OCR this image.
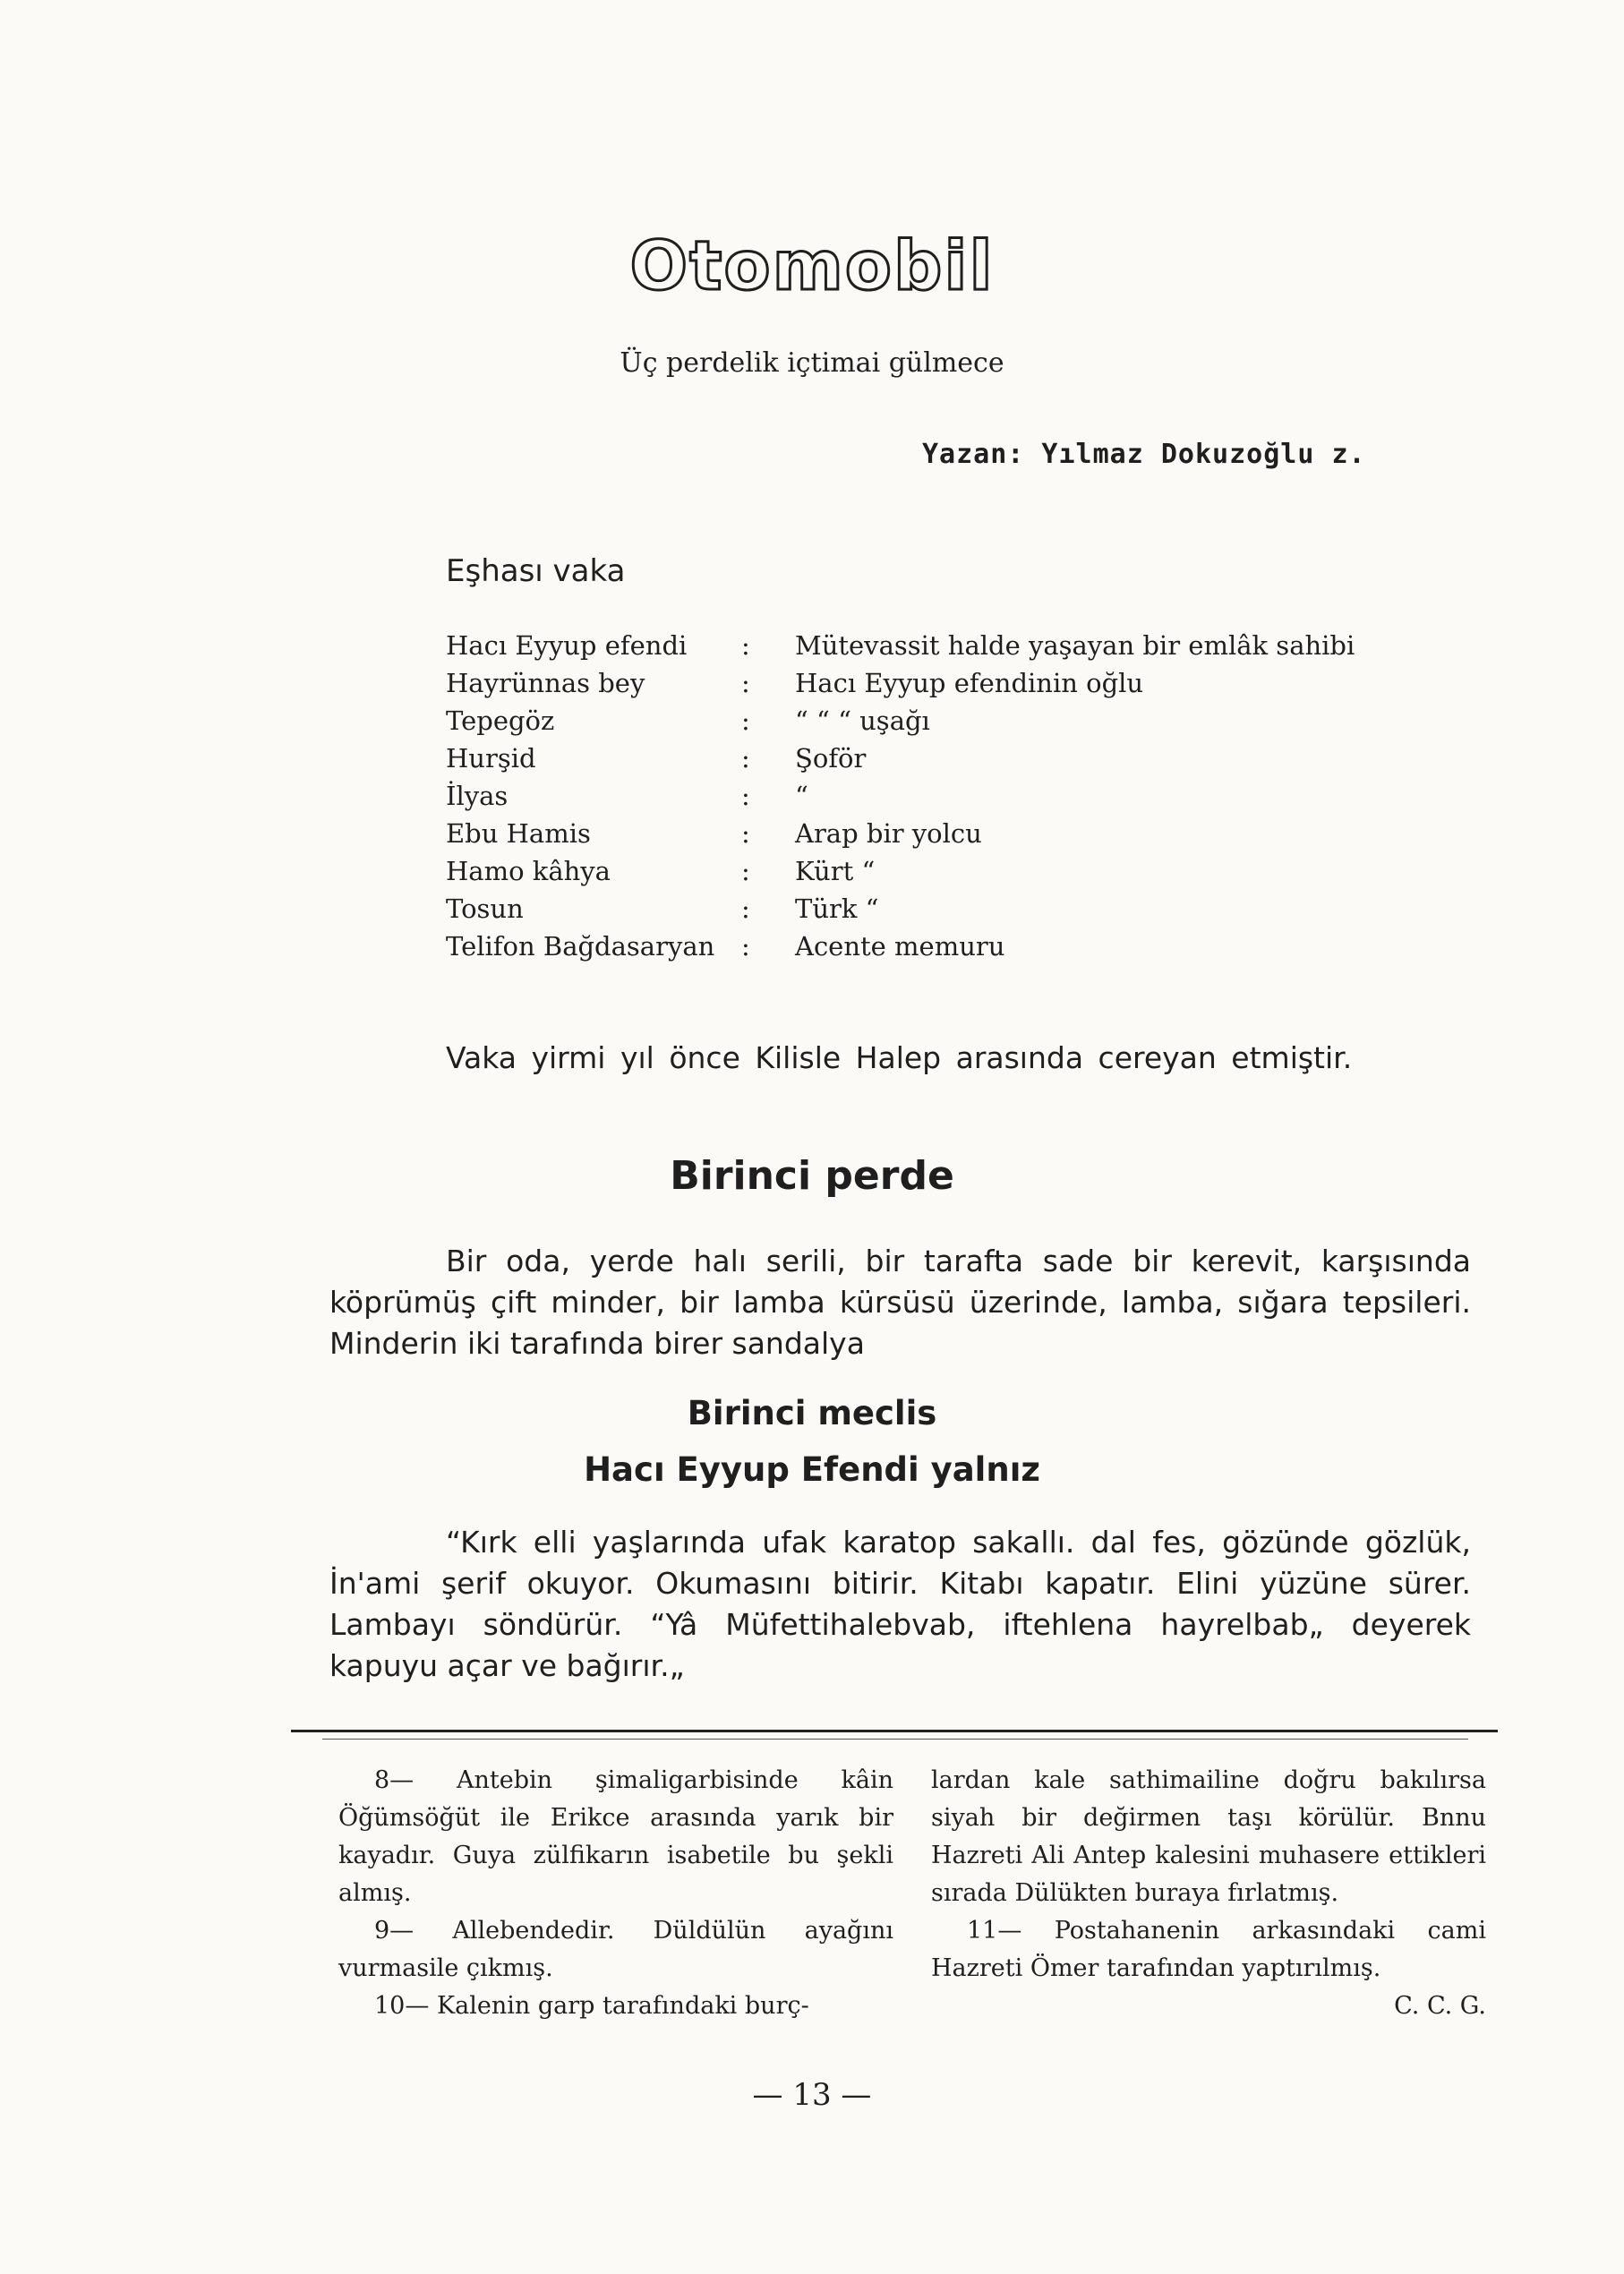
Otomobil
Üç perdelik içtimai gülmece
Yazan: Yılmaz Dokuzoğlu z.
Eşhası vaka
Hacı Eyyup efendi	:	Mütevassit halde yaşayan bir emlâk sahibi
Hayrünnas bey	:	Hacı Eyyup efendinin oğlu
Tepegöz	:	“ “ “ uşağı
Hurşid	:	Şoför
İlyas	:	“
Ebu Hamis	:	Arap bir yolcu
Hamo kâhya	:	Kürt “
Tosun	:	Türk “
Telifon Bağdasaryan	:	Acente memuru
Vaka yirmi yıl önce Kilisle Halep arasında cereyan etmiştir.
Birinci perde
Bir oda, yerde halı serili, bir tarafta sade bir kerevit, karşısında köprümüş çift minder, bir lamba kürsüsü üzerinde, lamba, sığara tepsileri. Minderin iki tarafında birer sandalya
Birinci meclis
Hacı Eyyup Efendi yalnız
“Kırk elli yaşlarında ufak karatop sakallı. dal fes, gözünde gözlük, İn'ami şerif okuyor. Okumasını bitirir. Kitabı kapatır. Elini yüzüne sürer. Lambayı söndürür. “Yâ Müfettihalebvab, iftehlena hayrelbab„ deyerek kapuyu açar ve bağırır.„

8— Antebin şimaligarbisinde kâin Öğümsöğüt ile Erikce arasında yarık bir kayadır. Guya zülfikarın isabetile bu şekli almış.

9— Allebendedir. Düldülün ayağını vurmasile çıkmış.

10— Kalenin garp tarafındaki burç-

lardan kale sathimailine doğru bakılırsa siyah bir değirmen taşı körülür. Bnnu Hazreti Ali Antep kalesini muhasere ettikleri sırada Dülükten buraya fırlatmış.

11— Postahanenin arkasındaki cami Hazreti Ömer tarafından yaptırılmış.

C. C. G.
— 13 —
